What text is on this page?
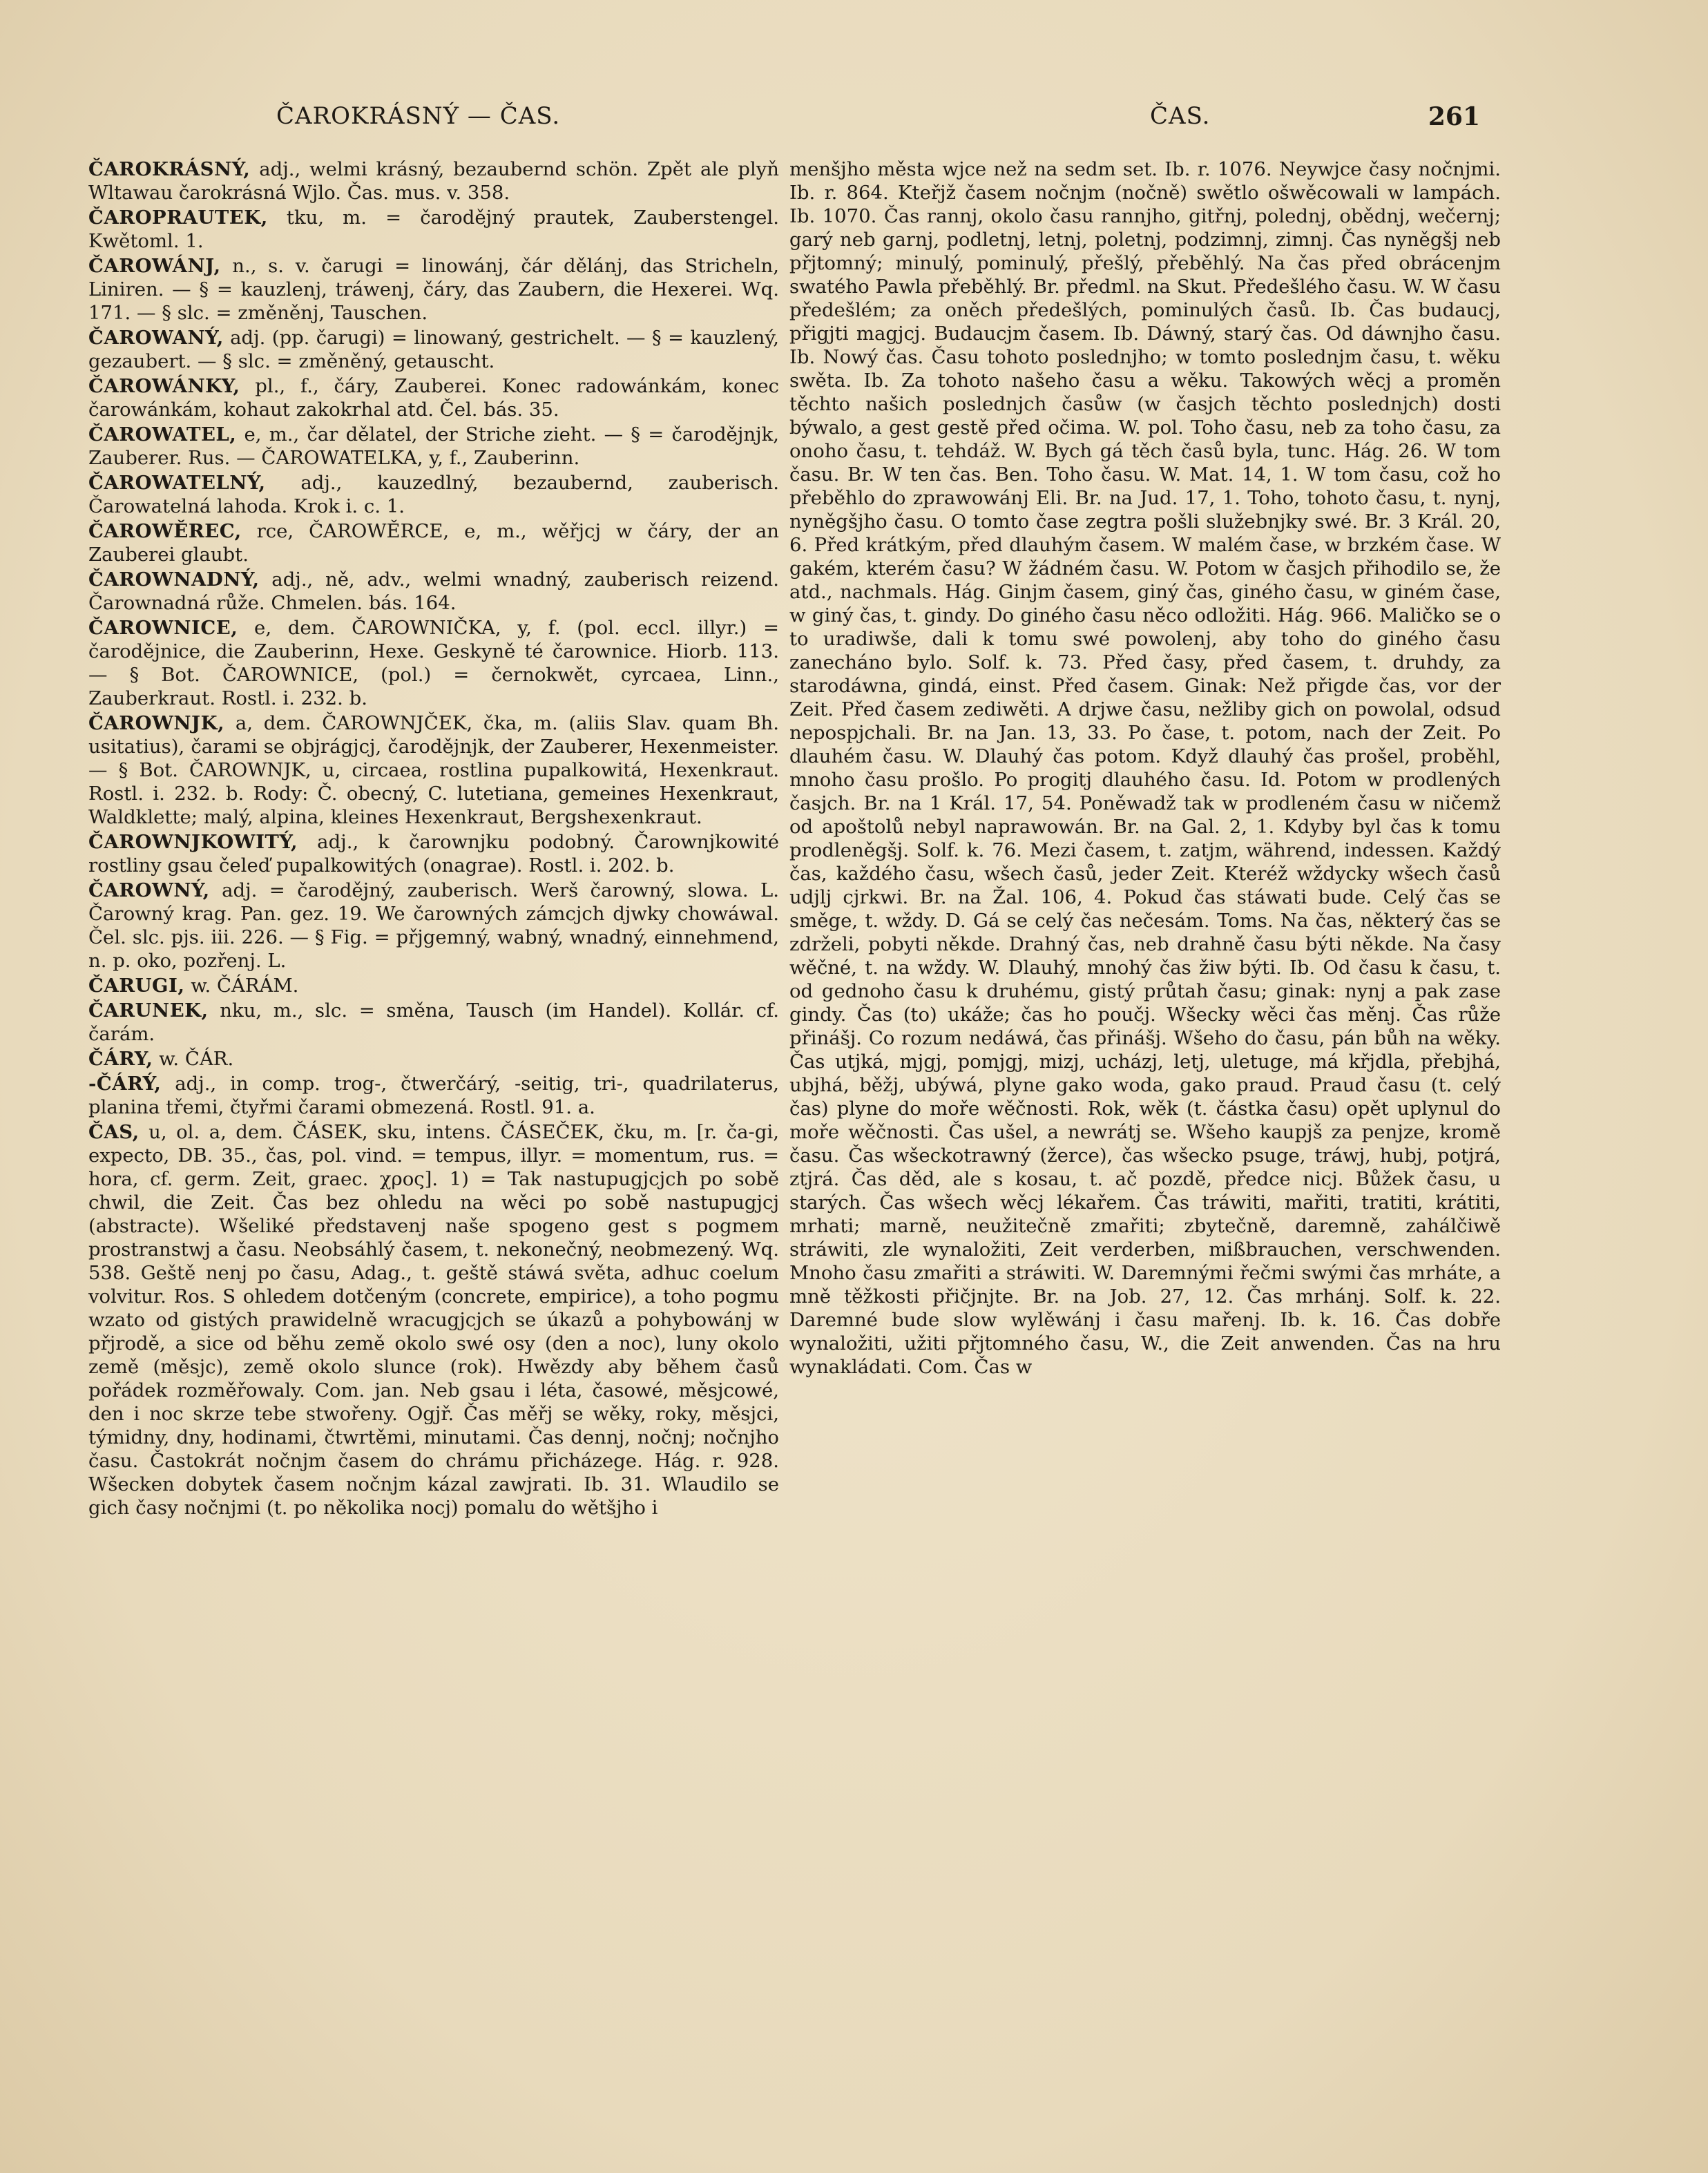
ČAROKRÁSNÝ — ČAS.	ČAS.	261
ČAROKRÁSNÝ, adj., welmi krásný, bezaubernd schön. Zpět ale plyň Wltawau čarokrásná Wjlo. Čas. mus. v. 358.
ČAROPRAUTEK, tku, m. = čarodějný prautek, Zauberstengel. Kwětoml. 1.
ČAROWÁNJ, n., s. v. čarugi = linowánj, čár dělánj, das Stricheln, Liniren. — § = kauzlenj, tráwenj, čáry, das Zaubern, die Hexerei. Wq. 171. — § slc. = změněnj, Tauschen.
ČAROWANÝ, adj. (pp. čarugi) = linowaný, gestrichelt. — § = kauzlený, gezaubert. — § slc. = změněný, getauscht.
ČAROWÁNKY, pl., f., čáry, Zauberei. Konec radowánkám, konec čarowánkám, kohaut zakokrhal atd. Čel. bás. 35.
ČAROWATEL, e, m., čar dělatel, der Striche zieht. — § = čarodějnjk, Zauberer. Rus. — ČAROWATELKA, y, f., Zauberinn.
ČAROWATELNÝ, adj., kauzedlný, bezaubernd, zauberisch. Čarowatelná lahoda. Krok i. c. 1.
ČAROWĚREC, rce, ČAROWĚRCE, e, m., wěřjcj w čáry, der an Zauberei glaubt.
ČAROWNADNÝ, adj., ně, adv., welmi wnadný, zauberisch reizend. Čarownadná růže. Chmelen. bás. 164.
ČAROWNICE, e, dem. ČAROWNIČKA, y, f. (pol. eccl. illyr.) = čarodějnice, die Zauberinn, Hexe. Geskyně té čarownice. Hiorb. 113. — § Bot. ČAROWNICE, (pol.) = černokwět, cyrcaea, Linn., Zauberkraut. Rostl. i. 232. b.
ČAROWNJK, a, dem. ČAROWNJČEK, čka, m. (aliis Slav. quam Bh. usitatius), čarami se objrágjcj, čarodějnjk, der Zauberer, Hexenmeister. — § Bot. ČAROWNJK, u, circaea, rostlina pupalkowitá, Hexenkraut. Rostl. i. 232. b. Rody: Č. obecný, C. lutetiana, gemeines Hexenkraut, Waldklette; malý, alpina, kleines Hexenkraut, Bergshexenkraut.
ČAROWNJKOWITÝ, adj., k čarownjku podobný. Čarownjkowité rostliny gsau čeleď pupalkowitých (onagrae). Rostl. i. 202. b.
ČAROWNÝ, adj. = čarodějný, zauberisch. Werš čarowný, slowa. L. Čarowný krag. Pan. gez. 19. We čarowných zámcjch djwky chowáwal. Čel. slc. pjs. iii. 226. — § Fig. = přjgemný, wabný, wnadný, einnehmend, n. p. oko, pozřenj. L.
ČARUGI, w. ČÁRÁM.
ČARUNEK, nku, m., slc. = směna, Tausch (im Handel). Kollár. cf. čarám.
ČÁRY, w. ČÁR.
-ČÁRÝ, adj., in comp. trog-, čtwerčárý, -seitig, tri-, quadrilaterus, planina třemi, čtyřmi čarami obmezená. Rostl. 91. a.
ČAS, u, ol. a, dem. ČÁSEK, sku, intens. ČÁSEČEK, čku, m. [r. ča-gi, expecto, DB. 35., čas, pol. vind. = tempus, illyr. = momentum, rus. = hora, cf. germ. Zeit, graec. χρος]. 1) = Tak nastupugjcjch po sobě chwil, die Zeit. Čas bez ohledu na wěci po sobě nastupugjcj (abstracte). Wšeliké představenj naše spogeno gest s pogmem prostranstwj a času. Neobsáhlý časem, t. nekonečný, neobmezený. Wq. 538. Geště nenj po času, Adag., t. geště stáwá světa, adhuc coelum volvitur. Ros. S ohledem dotčeným (concrete, empirice), a toho pogmu wzato od gistých prawidelně wracugjcjch se úkazů a pohybowánj w přjrodě, a sice od běhu země okolo swé osy (den a noc), luny okolo země (měsjc), země okolo slunce (rok). Hwězdy aby během časů pořádek rozměřowaly. Com. jan. Neb gsau i léta, časowé, měsjcowé, den i noc skrze tebe stwořeny. Ogjř. Čas měřj se wěky, roky, měsjci, týmidny, dny, hodinami, čtwrtěmi, minutami. Čas dennj, nočnj; nočnjho času. Častokrát nočnjm časem do chrámu přicházege. Hág. r. 928. Wšecken dobytek časem nočnjm kázal zawjrati. Ib. 31. Wlaudilo se gich časy nočnjmi (t. po několika nocj) pomalu do wětšjho i
menšjho města wjce než na sedm set. Ib. r. 1076. Neywjce časy nočnjmi. Ib. r. 864. Kteřjž časem nočnjm (nočně) swětlo ošwěcowali w lampách. Ib. 1070. Čas rannj, okolo času rannjho, gitřnj, polednj, obědnj, wečernj; garý neb garnj, podletnj, letnj, poletnj, podzimnj, zimnj. Čas nyněgšj neb přjtomný; minulý, pominulý, přešlý, přeběhlý. Na čas před obrácenjm swatého Pawla přeběhlý. Br. předml. na Skut. Předešlého času. W. W času předešlém; za oněch předešlých, pominulých časů. Ib. Čas budaucj, přigjti magjcj. Budaucjm časem. Ib. Dáwný, starý čas. Od dáwnjho času. Ib. Nowý čas. Času tohoto poslednjho; w tomto poslednjm času, t. wěku swěta. Ib. Za tohoto našeho času a wěku. Takowých wěcj a proměn těchto našich poslednjch časůw (w časjch těchto poslednjch) dosti býwalo, a gest gestě před očima. W. pol. Toho času, neb za toho času, za onoho času, t. tehdáž. W. Bych gá těch časů byla, tunc. Hág. 26. W tom času. Br. W ten čas. Ben. Toho času. W. Mat. 14, 1. W tom času, což ho přeběhlo do zprawowánj Eli. Br. na Jud. 17, 1. Toho, tohoto času, t. nynj, nyněgšjho času. O tomto čase zegtra pošli služebnjky swé. Br. 3 Král. 20, 6. Před krátkým, před dlauhým časem. W malém čase, w brzkém čase. W gakém, kterém času? W žádném času. W. Potom w časjch přihodilo se, že atd., nachmals. Hág. Ginjm časem, giný čas, giného času, w giném čase, w giný čas, t. gindy. Do giného času něco odložiti. Hág. 966. Maličko se o to uradiwše, dali k tomu swé powolenj, aby toho do giného času zanecháno bylo. Solf. k. 73. Před časy, před časem, t. druhdy, za starodáwna, gindá, einst. Před časem. Ginak: Než přigde čas, vor der Zeit. Před časem zediwěti. A drjwe času, nežliby gich on powolal, odsud nepospjchali. Br. na Jan. 13, 33. Po čase, t. potom, nach der Zeit. Po dlauhém času. W. Dlauhý čas potom. Když dlauhý čas prošel, proběhl, mnoho času prošlo. Po progitj dlauhého času. Id. Potom w prodlených časjch. Br. na 1 Král. 17, 54. Poněwadž tak w prodleném času w ničemž od apoštolů nebyl naprawowán. Br. na Gal. 2, 1. Kdyby byl čas k tomu prodleněgšj. Solf. k. 76. Mezi časem, t. zatjm, während, indessen. Každý čas, každého času, wšech časů, jeder Zeit. Kteréž wždycky wšech časů udjlj cjrkwi. Br. na Žal. 106, 4. Pokud čas stáwati bude. Celý čas se směge, t. wždy. D. Gá se celý čas nečesám. Toms. Na čas, některý čas se zdrželi, pobyti někde. Drahný čas, neb drahně času býti někde. Na časy wěčné, t. na wždy. W. Dlauhý, mnohý čas žiw býti. Ib. Od času k času, t. od gednoho času k druhému, gistý průtah času; ginak: nynj a pak zase gindy. Čas (to) ukáže; čas ho poučj. Wšecky wěci čas měnj. Čas růže přinášj. Co rozum nedáwá, čas přinášj. Wšeho do času, pán bůh na wěky. Čas utjká, mjgj, pomjgj, mizj, ucházj, letj, uletuge, má křjdla, přebjhá, ubjhá, běžj, ubýwá, plyne gako woda, gako praud. Praud času (t. celý čas) plyne do moře wěčnosti. Rok, wěk (t. částka času) opět uplynul do moře wěčnosti. Čas ušel, a newrátj se. Wšeho kaupjš za penjze, kromě času. Čas wšeckotrawný (žerce), čas wšecko psuge, tráwj, hubj, potjrá, ztjrá. Čas děd, ale s kosau, t. ač pozdě, předce nicj. Bůžek času, u starých. Čas wšech wěcj lékařem. Čas tráwiti, mařiti, tratiti, krátiti, mrhati; marně, neužitečně zmařiti; zbytečně, daremně, zahálčiwě stráwiti, zle wynaložiti, Zeit verderben, mißbrauchen, verschwenden. Mnoho času zmařiti a stráwiti. W. Daremnými řečmi swými čas mrháte, a mně těžkosti přičjnjte. Br. na Job. 27, 12. Čas mrhánj. Solf. k. 22. Daremné bude slow wylěwánj i času mařenj. Ib. k. 16. Čas dobře wynaložiti, užiti přjtomného času, W., die Zeit anwenden. Čas na hru wynakládati. Com. Čas w
